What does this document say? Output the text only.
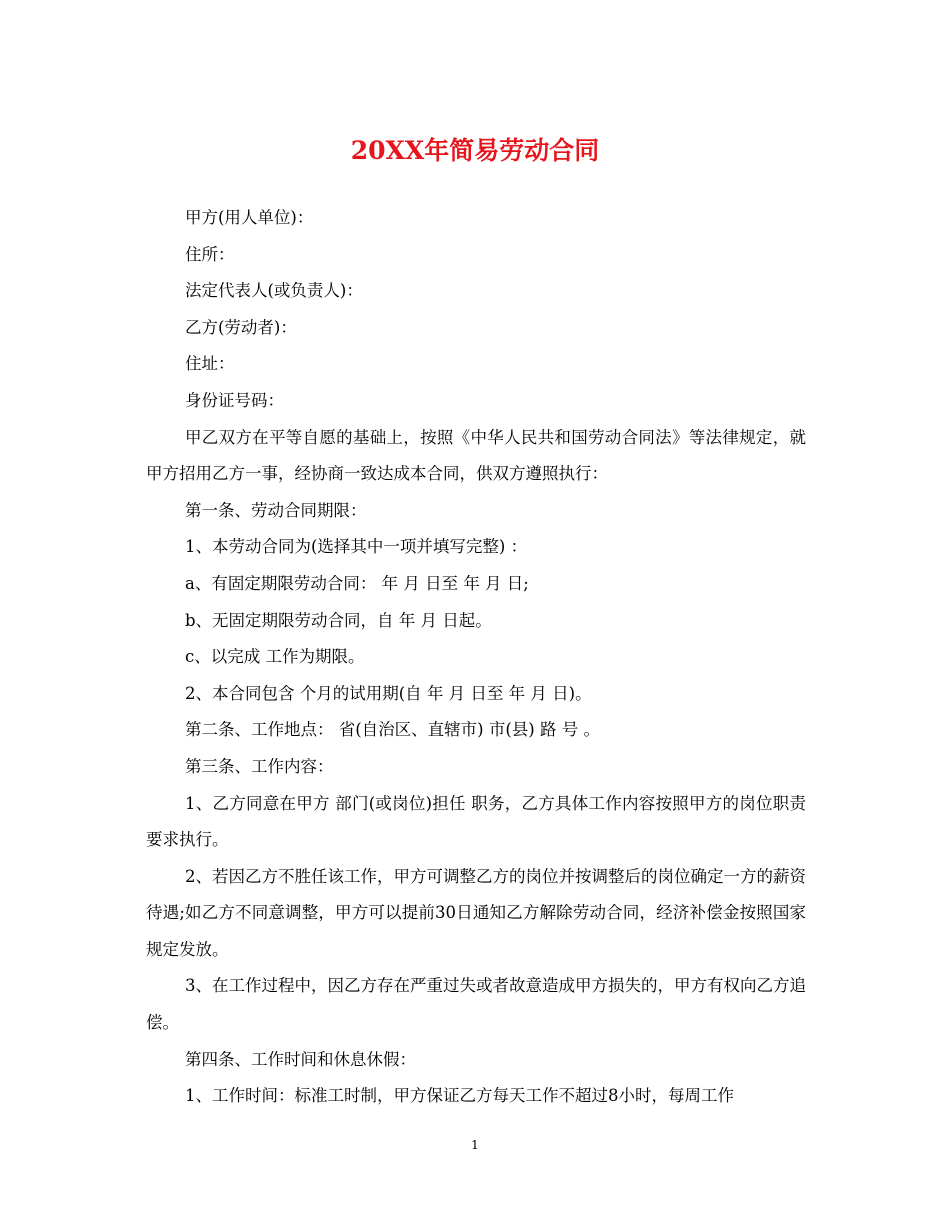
20XX年简易劳动合同

甲方(用人单位)：

住所：

法定代表人(或负责人)：

乙方(劳动者)：

住址：

身份证号码：

甲乙双方在平等自愿的基础上，按照《中华人民共和国劳动合同法》等法律规定，就甲方招用乙方一事，经协商一致达成本合同，供双方遵照执行：

第一条、劳动合同期限：

1、本劳动合同为(选择其中一项并填写完整) ：

a、有固定期限劳动合同： 年 月 日至 年 月 日;

b、无固定期限劳动合同，自 年 月 日起。

c、以完成 工作为期限。

2、本合同包含 个月的试用期(自 年 月 日至 年 月 日)。

第二条、工作地点： 省(自治区、直辖市) 市(县) 路 号 。

第三条、工作内容：

1、乙方同意在甲方 部门(或岗位)担任 职务，乙方具体工作内容按照甲方的岗位职责要求执行。

2、若因乙方不胜任该工作，甲方可调整乙方的岗位并按调整后的岗位确定一方的薪资待遇;如乙方不同意调整，甲方可以提前30日通知乙方解除劳动合同，经济补偿金按照国家规定发放。

3、在工作过程中，因乙方存在严重过失或者故意造成甲方损失的，甲方有权向乙方追偿。

第四条、工作时间和休息休假：

1、工作时间：标准工时制，甲方保证乙方每天工作不超过8小时，每周工作

1
